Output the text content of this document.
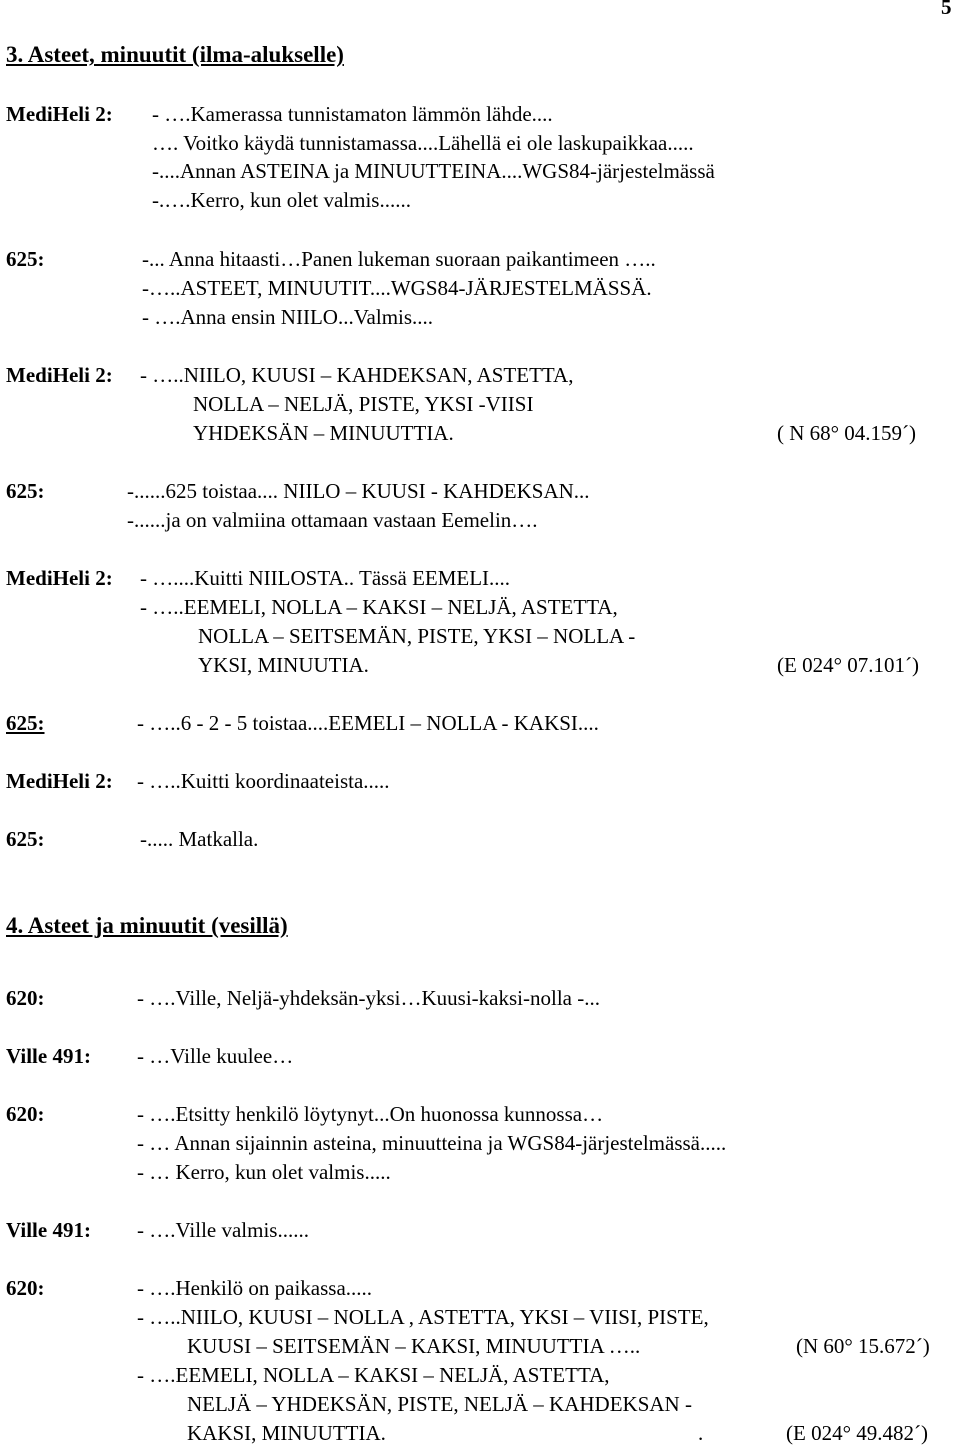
5
3. Asteet, minuutit (ilma-alukselle)
MediHeli 2: - ….Kamerassa tunnistamaton lämmön lähde....
…. Voitko käydä tunnistamassa....Lähellä ei ole laskupaikkaa.....
-....Annan ASTEINA ja MINUUTTEINA....WGS84-järjestelmässä
-.….Kerro, kun olet valmis......
625:	-... Anna hitaasti…Panen lukeman suoraan paikantimeen …..
-…..ASTEET, MINUUTIT....WGS84-JÄRJESTELMÄSSÄ.
- ….Anna ensin NIILO...Valmis....
MediHeli 2: - …..NIILO, KUUSI – KAHDEKSAN, ASTETTA,
NOLLA – NELJÄ, PISTE, YKSI -VIISI
YHDEKSÄN – MINUUTTIA.	( N 68° 04.159´)
625:	-......625 toistaa.... NIILO – KUUSI - KAHDEKSAN...
-......ja on valmiina ottamaan vastaan Eemelin….
MediHeli 2: - …....Kuitti NIILOSTA.. Tässä EEMELI....
- …..EEMELI, NOLLA – KAKSI – NELJÄ, ASTETTA,
NOLLA – SEITSEMÄN, PISTE, YKSI – NOLLA -
YKSI, MINUUTIA.	(E 024° 07.101´)
625:	- …..6 - 2 - 5 toistaa....EEMELI – NOLLA - KAKSI....
MediHeli 2: - …..Kuitti koordinaateista.....
625:	-..... Matkalla.
4. Asteet ja minuutit (vesillä)
620:	- ….Ville, Neljä-yhdeksän-yksi…Kuusi-kaksi-nolla -...
Ville 491: - …Ville kuulee…
620:	- ….Etsitty henkilö löytynyt...On huonossa kunnossa…
- … Annan sijainnin asteina, minuutteina ja WGS84-järjestelmässä.....
- … Kerro, kun olet valmis.....
Ville 491: - ….Ville valmis......
620:	- ….Henkilö on paikassa.....
- …..NIILO, KUUSI – NOLLA , ASTETTA, YKSI – VIISI, PISTE,
KUUSI – SEITSEMÄN – KAKSI, MINUUTTIA …..	(N 60° 15.672´)
- ….EEMELI, NOLLA – KAKSI – NELJÄ, ASTETTA,
NELJÄ – YHDEKSÄN, PISTE, NELJÄ – KAHDEKSAN -
KAKSI, MINUUTTIA.	.	(E 024° 49.482´)
